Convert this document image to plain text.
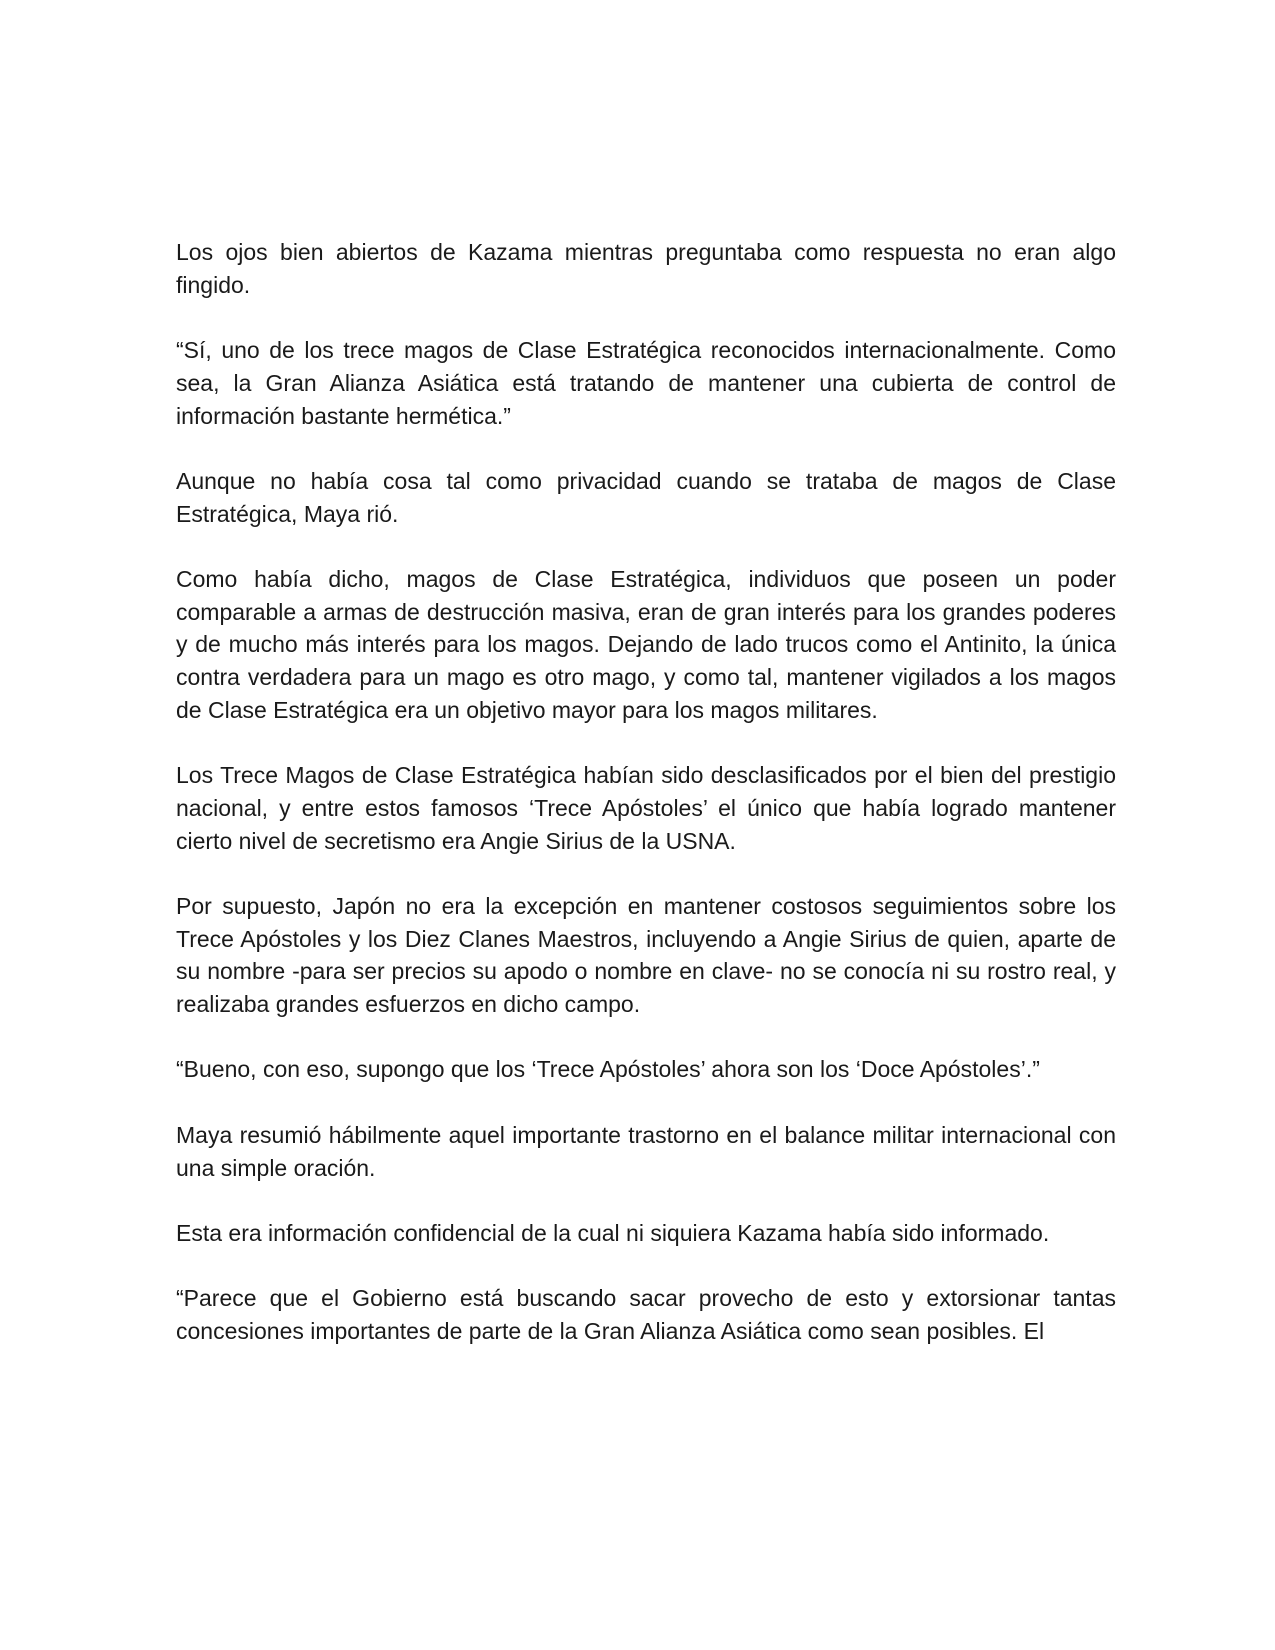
Los ojos bien abiertos de Kazama mientras preguntaba como respuesta no eran algo fingido.

“Sí, uno de los trece magos de Clase Estratégica reconocidos internacionalmente. Como sea, la Gran Alianza Asiática está tratando de mantener una cubierta de control de información bastante hermética.”

Aunque no había cosa tal como privacidad cuando se trataba de magos de Clase Estratégica, Maya rió.

Como había dicho, magos de Clase Estratégica, individuos que poseen un poder comparable a armas de destrucción masiva, eran de gran interés para los grandes poderes y de mucho más interés para los magos. Dejando de lado trucos como el Antinito, la única contra verdadera para un mago es otro mago, y como tal, mantener vigilados a los magos de Clase Estratégica era un objetivo mayor para los magos militares.

Los Trece Magos de Clase Estratégica habían sido desclasificados por el bien del prestigio nacional, y entre estos famosos ‘Trece Apóstoles’ el único que había logrado mantener cierto nivel de secretismo era Angie Sirius de la USNA.

Por supuesto, Japón no era la excepción en mantener costosos seguimientos sobre los Trece Apóstoles y los Diez Clanes Maestros, incluyendo a Angie Sirius de quien, aparte de su nombre -para ser precios su apodo o nombre en clave- no se conocía ni su rostro real, y realizaba grandes esfuerzos en dicho campo.

“Bueno, con eso, supongo que los ‘Trece Apóstoles’ ahora son los ‘Doce Apóstoles’.”

Maya resumió hábilmente aquel importante trastorno en el balance militar internacional con una simple oración.

Esta era información confidencial de la cual ni siquiera Kazama había sido informado.

“Parece que el Gobierno está buscando sacar provecho de esto y extorsionar tantas concesiones importantes de parte de la Gran Alianza Asiática como sean posibles. El
